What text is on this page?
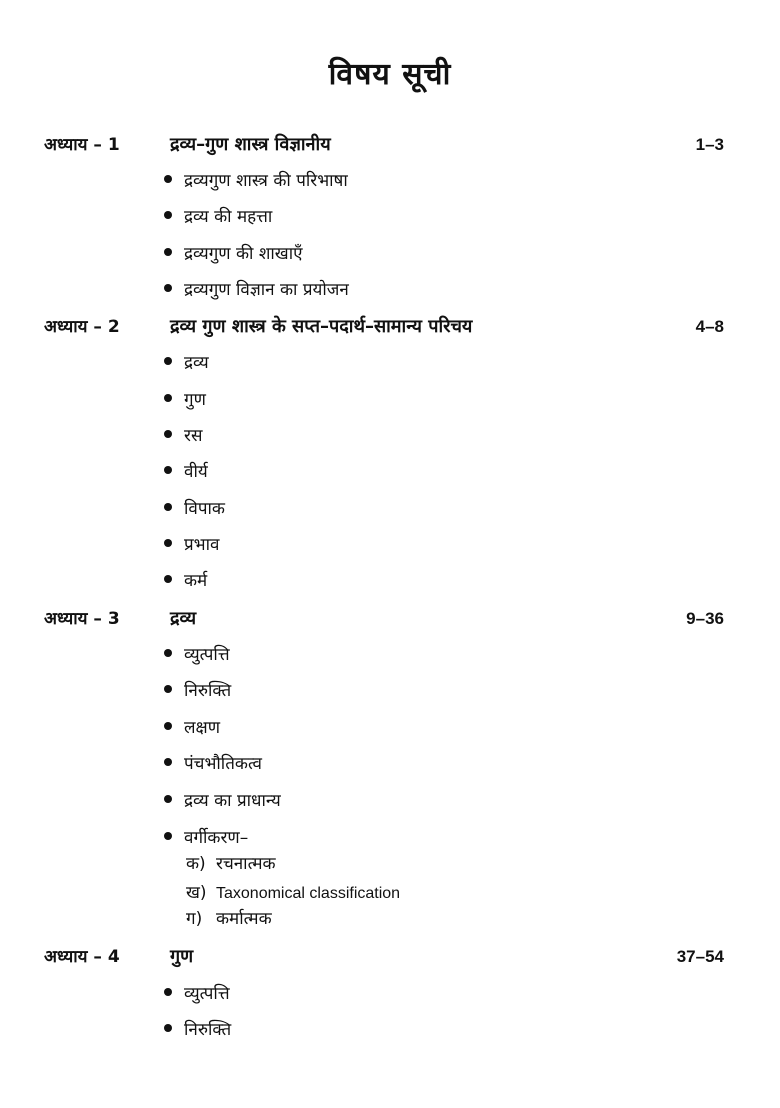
विषय सूची
अध्याय – 1	द्रव्य–गुण शास्त्र विज्ञानीय	1–3
द्रव्यगुण शास्त्र की परिभाषा
द्रव्य की महत्ता
द्रव्यगुण की शाखाएँ
द्रव्यगुण विज्ञान का प्रयोजन
अध्याय – 2	द्रव्य गुण शास्त्र के सप्त–पदार्थ–सामान्य परिचय	4–8
द्रव्य
गुण
रस
वीर्य
विपाक
प्रभाव
कर्म
अध्याय – 3	द्रव्य	9–36
व्युत्पत्ति
निरुक्ति
लक्षण
पंचभौतिकत्व
द्रव्य का प्राधान्य
वर्गीकरण–
क) रचनात्मक
ख) Taxonomical classification
ग) कर्मात्मक
अध्याय – 4	गुण	37–54
व्युत्पत्ति
निरुक्ति
